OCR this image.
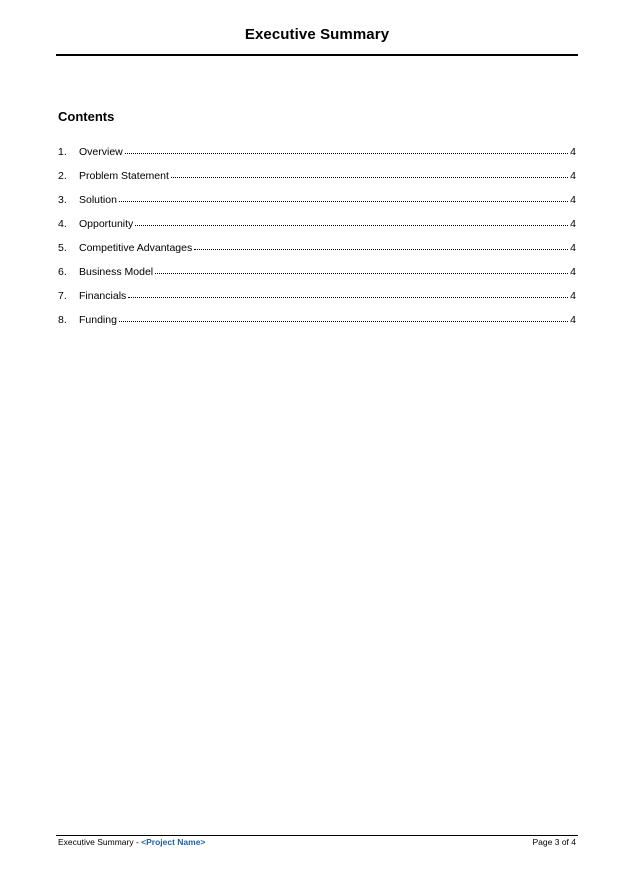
Executive Summary
Contents
1.	Overview	4
2.	Problem Statement	4
3.	Solution	4
4.	Opportunity	4
5.	Competitive Advantages	4
6.	Business Model	4
7.	Financials	4
8.	Funding	4
Executive Summary - <Project Name>	Page 3 of 4
